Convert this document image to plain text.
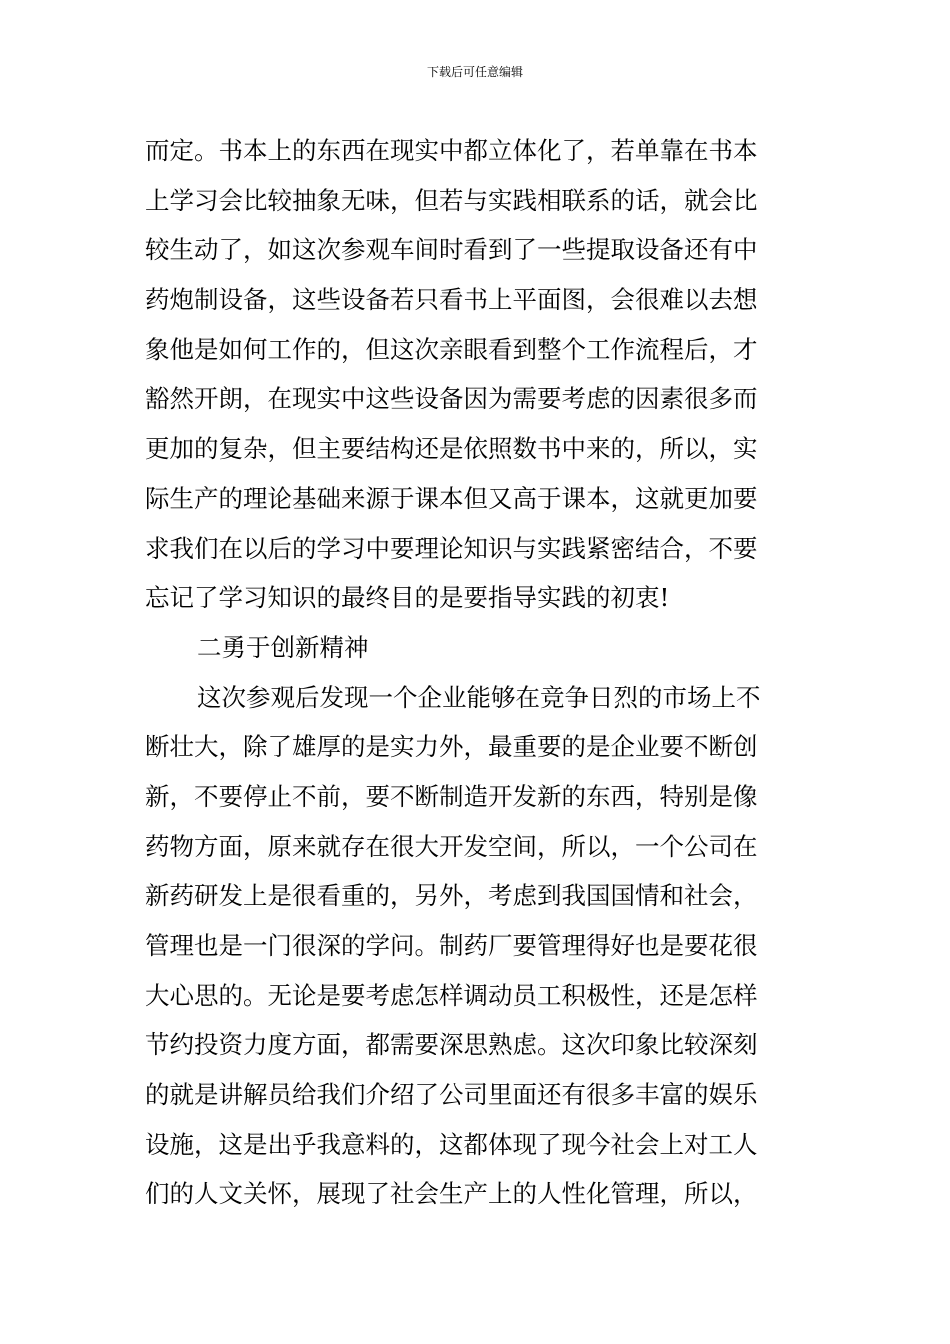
下载后可任意编辑
而定。书本上的东西在现实中都立体化了，若单靠在书本
上学习会比较抽象无味，但若与实践相联系的话，就会比
较生动了，如这次参观车间时看到了一些提取设备还有中
药炮制设备，这些设备若只看书上平面图，会很难以去想
象他是如何工作的，但这次亲眼看到整个工作流程后，才
豁然开朗，在现实中这些设备因为需要考虑的因素很多而
更加的复杂，但主要结构还是依照数书中来的，所以，实
际生产的理论基础来源于课本但又高于课本，这就更加要
求我们在以后的学习中要理论知识与实践紧密结合，不要
忘记了学习知识的最终目的是要指导实践的初衷!
二勇于创新精神
这次参观后发现一个企业能够在竞争日烈的市场上不
断壮大，除了雄厚的是实力外，最重要的是企业要不断创
新，不要停止不前，要不断制造开发新的东西，特别是像
药物方面，原来就存在很大开发空间，所以，一个公司在
新药研发上是很看重的，另外，考虑到我国国情和社会，
管理也是一门很深的学问。制药厂要管理得好也是要花很
大心思的。无论是要考虑怎样调动员工积极性，还是怎样
节约投资力度方面，都需要深思熟虑。这次印象比较深刻
的就是讲解员给我们介绍了公司里面还有很多丰富的娱乐
设施，这是出乎我意料的，这都体现了现今社会上对工人
们的人文关怀，展现了社会生产上的人性化管理，所以，
